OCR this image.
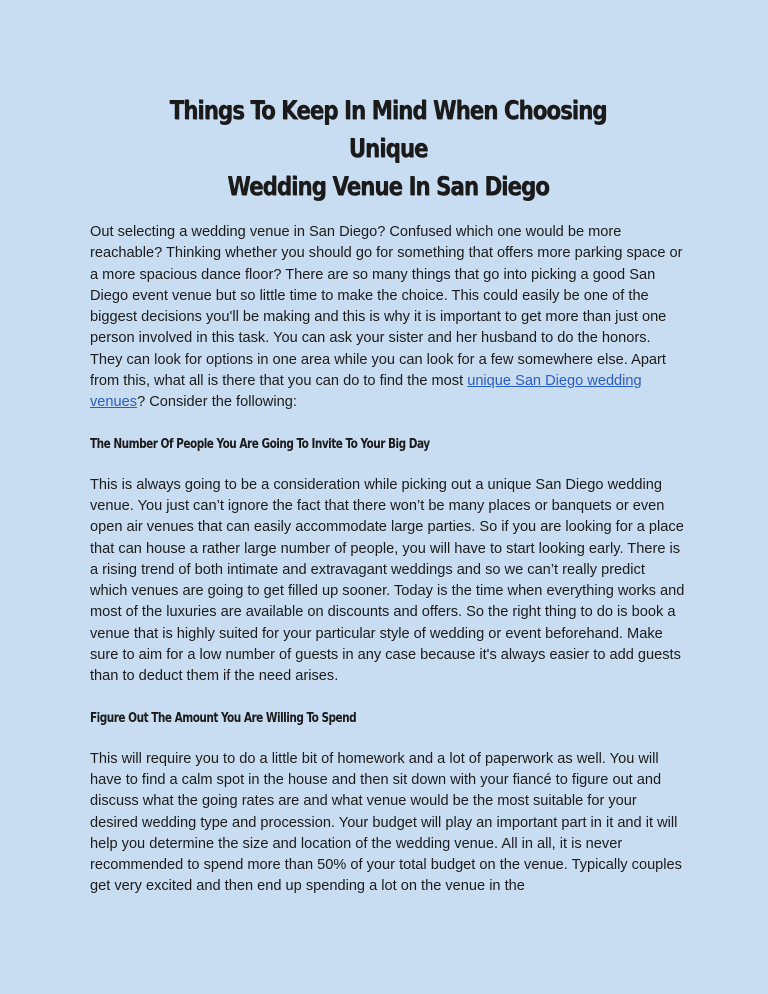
Things To Keep In Mind When Choosing Unique
Wedding Venue In San Diego

Out selecting a wedding venue in San Diego? Confused which one would be more reachable? Thinking whether you should go for something that offers more parking space or a more spacious dance floor? There are so many things that go into picking a good San Diego event venue but so little time to make the choice. This could easily be one of the biggest decisions you'll be making and this is why it is important to get more than just one person involved in this task. You can ask your sister and her husband to do the honors. They can look for options in one area while you can look for a few somewhere else. Apart from this, what all is there that you can do to find the most unique San Diego wedding venues? Consider the following:

The Number Of People You Are Going To Invite To Your Big Day

This is always going to be a consideration while picking out a unique San Diego wedding venue. You just can’t ignore the fact that there won’t be many places or banquets or even open air venues that can easily accommodate large parties. So if you are looking for a place that can house a rather large number of people, you will have to start looking early. There is a rising trend of both intimate and extravagant weddings and so we can’t really predict which venues are going to get filled up sooner. Today is the time when everything works and most of the luxuries are available on discounts and offers. So the right thing to do is book a venue that is highly suited for your particular style of wedding or event beforehand. Make sure to aim for a low number of guests in any case because it's always easier to add guests than to deduct them if the need arises.

Figure Out The Amount You Are Willing To Spend

This will require you to do a little bit of homework and a lot of paperwork as well. You will have to find a calm spot in the house and then sit down with your fiancé to figure out and discuss what the going rates are and what venue would be the most suitable for your desired wedding type and procession. Your budget will play an important part in it and it will help you determine the size and location of the wedding venue. All in all, it is never recommended to spend more than 50% of your total budget on the venue. Typically couples get very excited and then end up spending a lot on the venue in the
